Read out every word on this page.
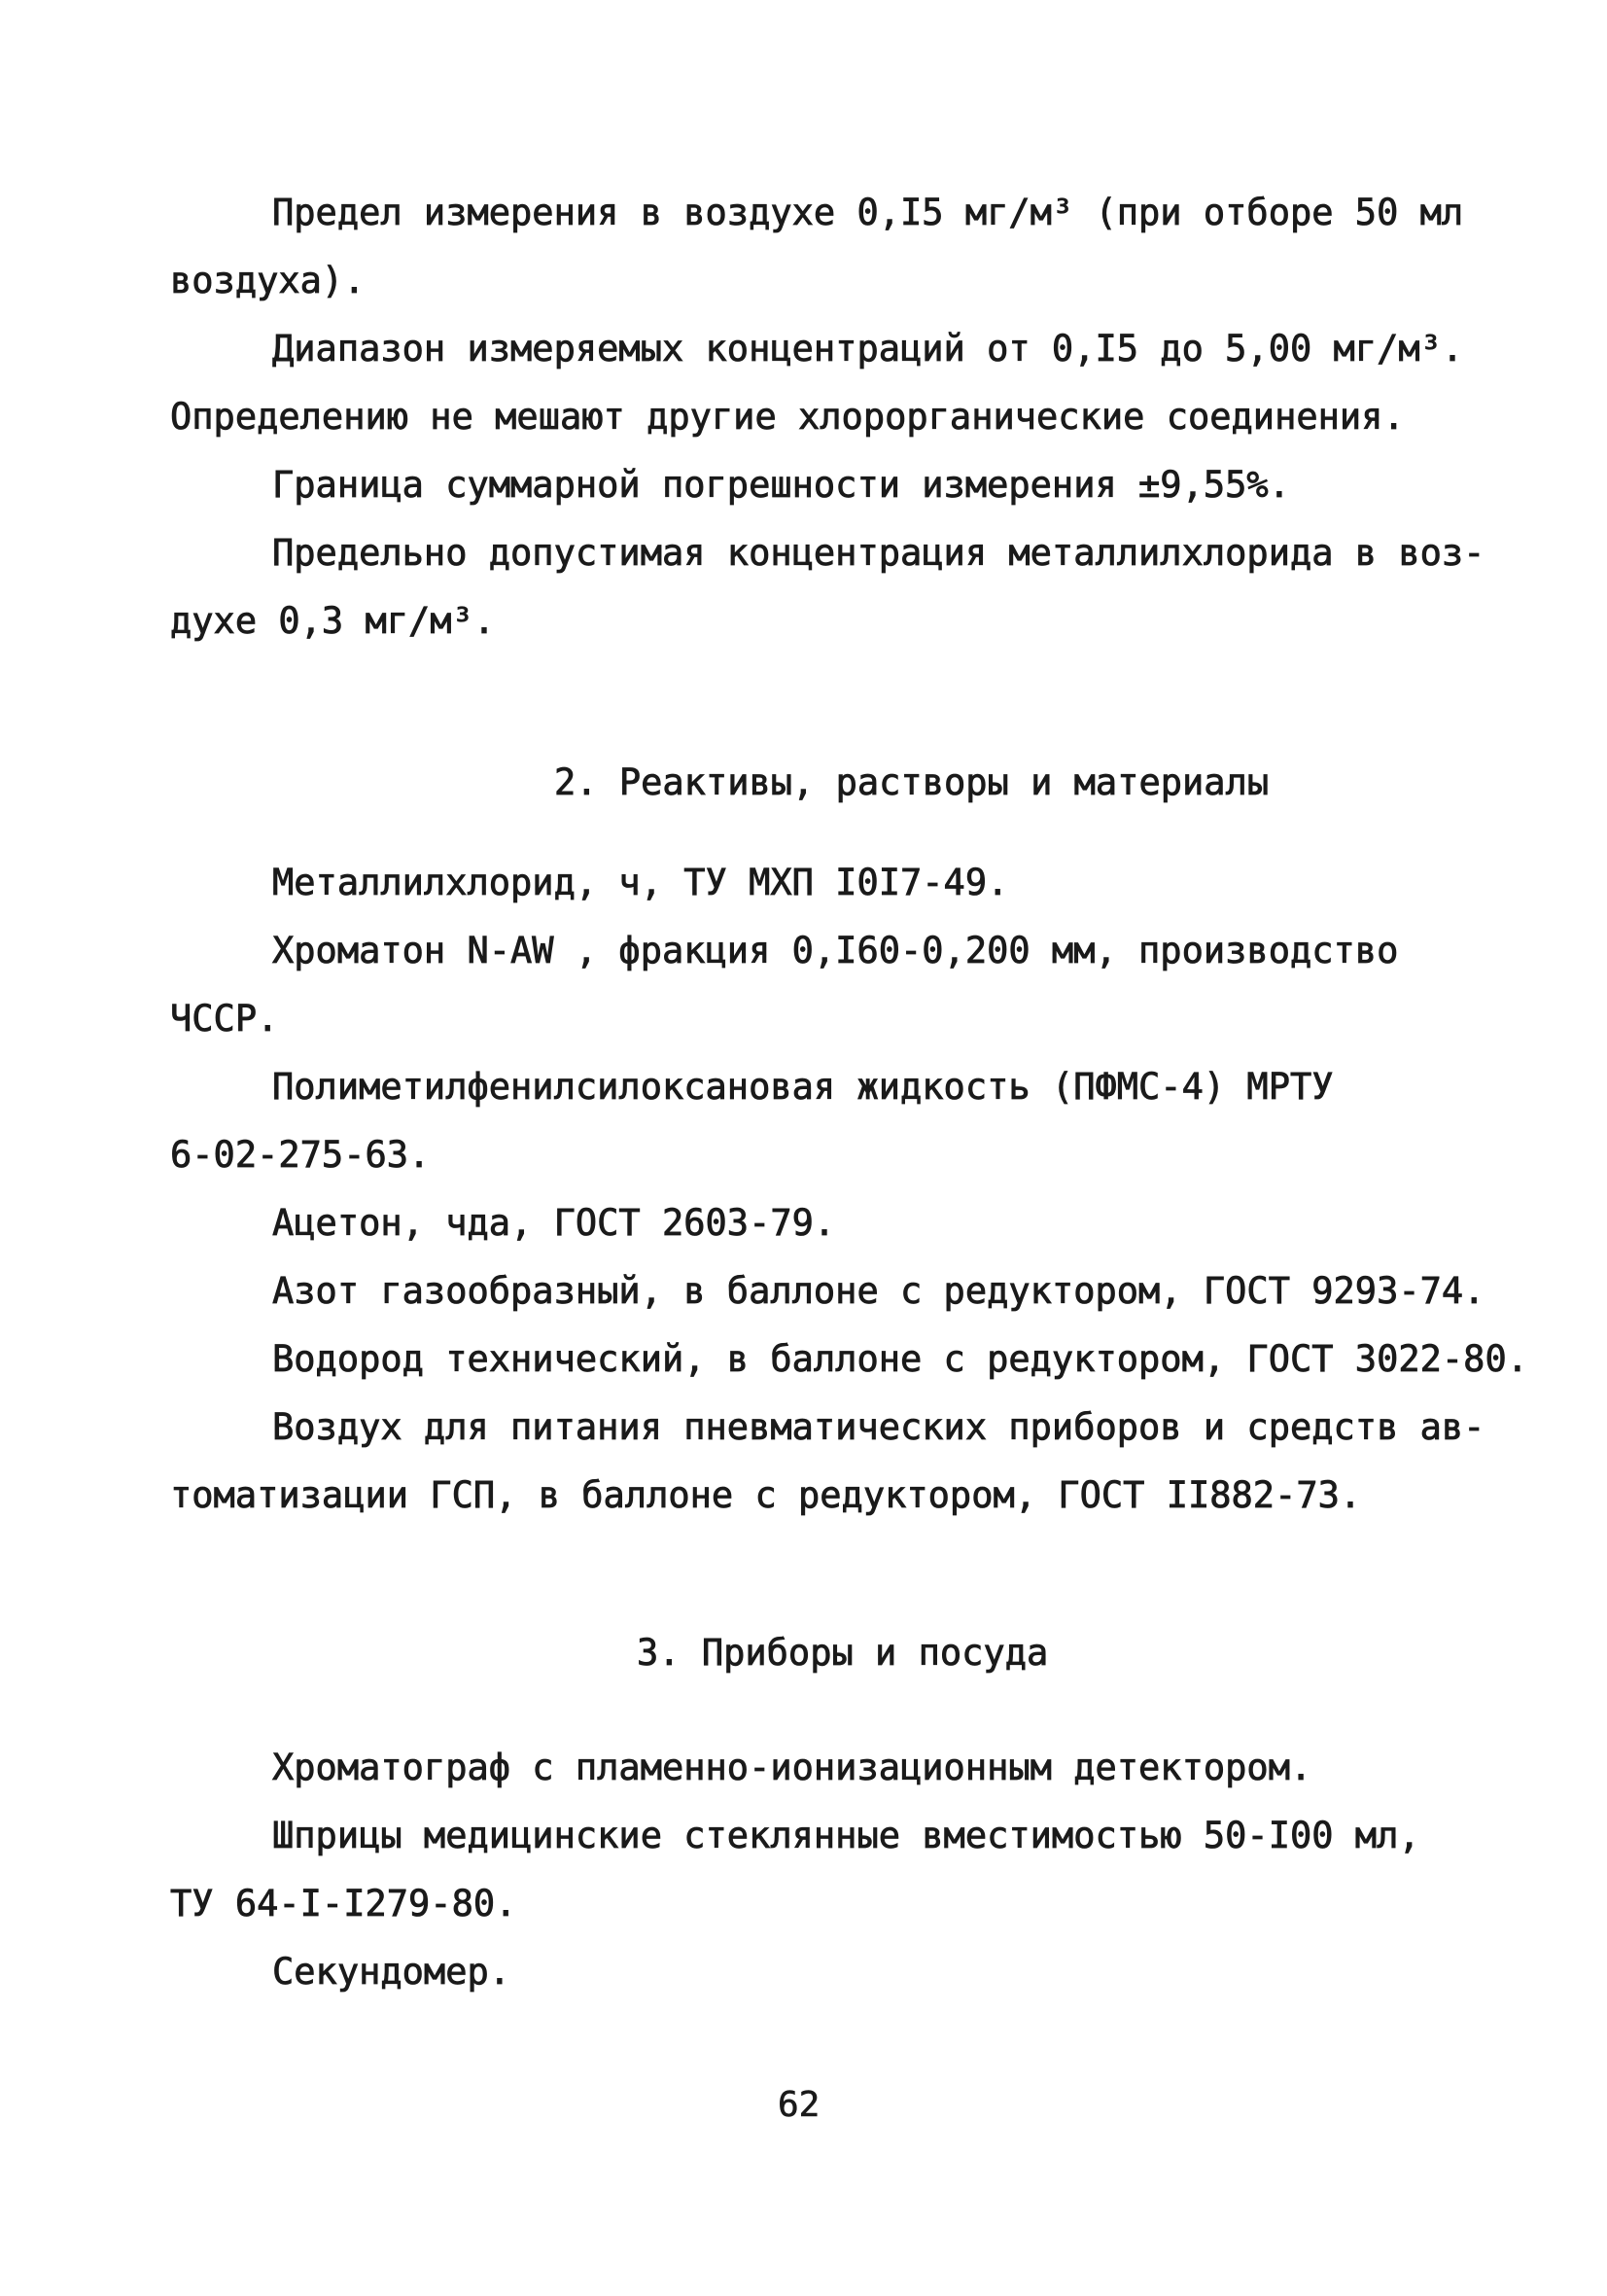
Предел измерения в воздухе 0,I5 мг/м³ (при отборе 50 мл
воздуха).
Диапазон измеряемых концентраций от 0,I5 до 5,00 мг/м³.
Определению не мешают другие хлорорганические соединения.
Граница суммарной погрешности измерения ±9,55%.
Предельно допустимая концентрация металлилхлорида в воз-
духе 0,3 мг/м³.
2. Реактивы, растворы и материалы
Металлилхлорид, ч, ТУ МХП I0I7-49.
Хроматон N-AW , фракция 0,I60-0,200 мм, производство
ЧССР.
Полиметилфенилсилоксановая жидкость (ПФМС-4) МРТУ
6-02-275-63.
Ацетон, чда, ГОСТ 2603-79.
Азот газообразный, в баллоне с редуктором, ГОСТ 9293-74.
Водород технический, в баллоне с редуктором, ГОСТ 3022-80.
Воздух для питания пневматических приборов и средств ав-
томатизации ГСП, в баллоне с редуктором, ГОСТ II882-73.
3. Приборы и посуда
Хроматограф с пламенно-ионизационным детектором.
Шприцы медицинские стеклянные вместимостью 50-I00 мл,
ТУ 64-I-I279-80.
Секундомер.
62
